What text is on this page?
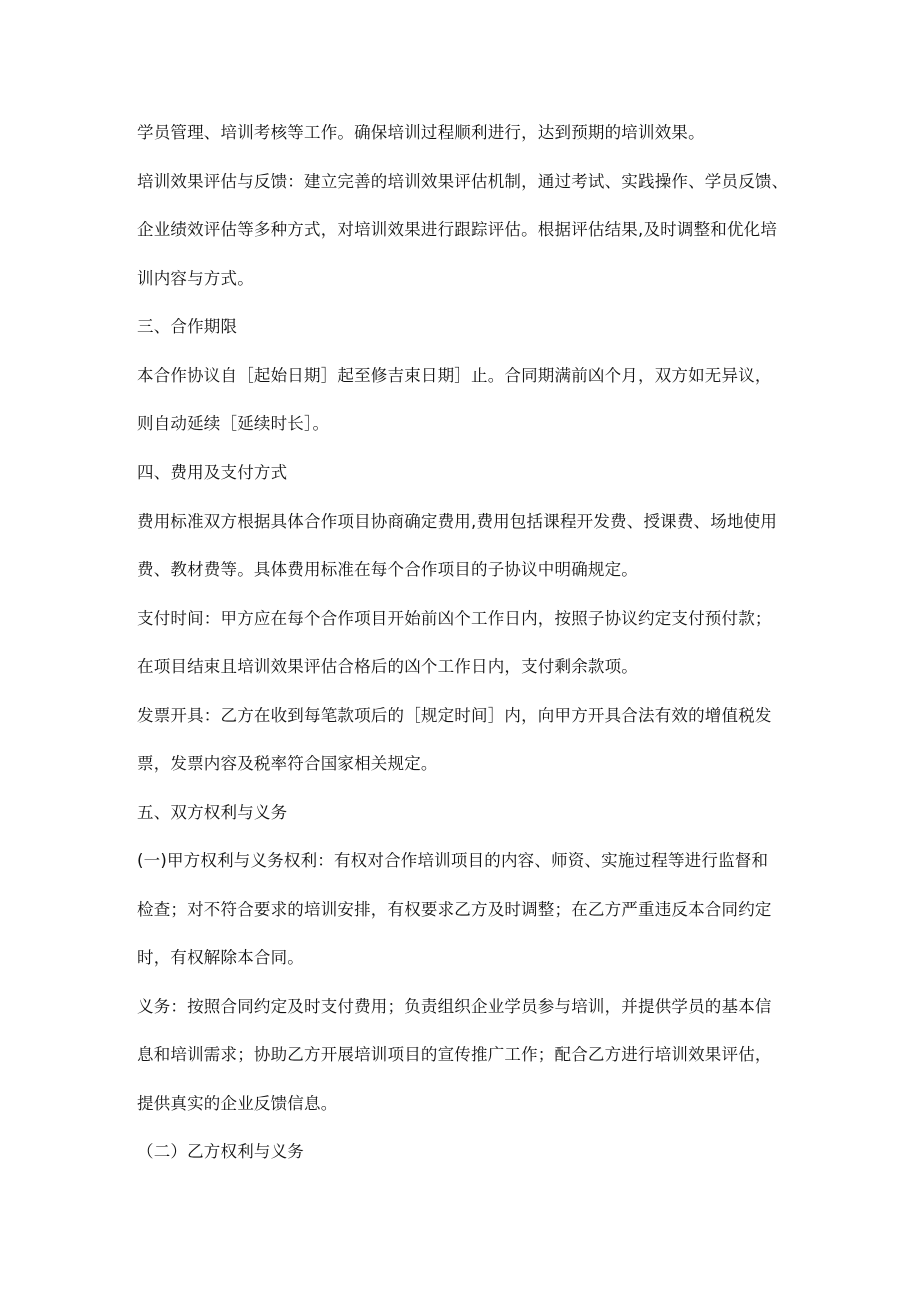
学员管理、培训考核等工作。确保培训过程顺利进行，达到预期的培训效果。
培训效果评估与反馈：建立完善的培训效果评估机制，通过考试、实践操作、学员反馈、
企业绩效评估等多种方式，对培训效果进行跟踪评估。根据评估结果,及时调整和优化培
训内容与方式。
三、合作期限
本合作协议自［起始日期］起至修吉束日期］止。合同期满前凶个月，双方如无异议，
则自动延续［延续时长］。
四、费用及支付方式
费用标准双方根据具体合作项目协商确定费用,费用包括课程开发费、授课费、场地使用
费、教材费等。具体费用标准在每个合作项目的子协议中明确规定。
支付时间：甲方应在每个合作项目开始前凶个工作日内，按照子协议约定支付预付款；
在项目结束且培训效果评估合格后的凶个工作日内，支付剩余款项。
发票开具：乙方在收到每笔款项后的［规定时间］内，向甲方开具合法有效的增值税发
票，发票内容及税率符合国家相关规定。
五、双方权利与义务
(一)甲方权利与义务权利：有权对合作培训项目的内容、师资、实施过程等进行监督和
检查；对不符合要求的培训安排，有权要求乙方及时调整；在乙方严重违反本合同约定
时，有权解除本合同。
义务：按照合同约定及时支付费用；负责组织企业学员参与培训，并提供学员的基本信
息和培训需求；协助乙方开展培训项目的宣传推广工作；配合乙方进行培训效果评估，
提供真实的企业反馈信息。
（二）乙方权利与义务
